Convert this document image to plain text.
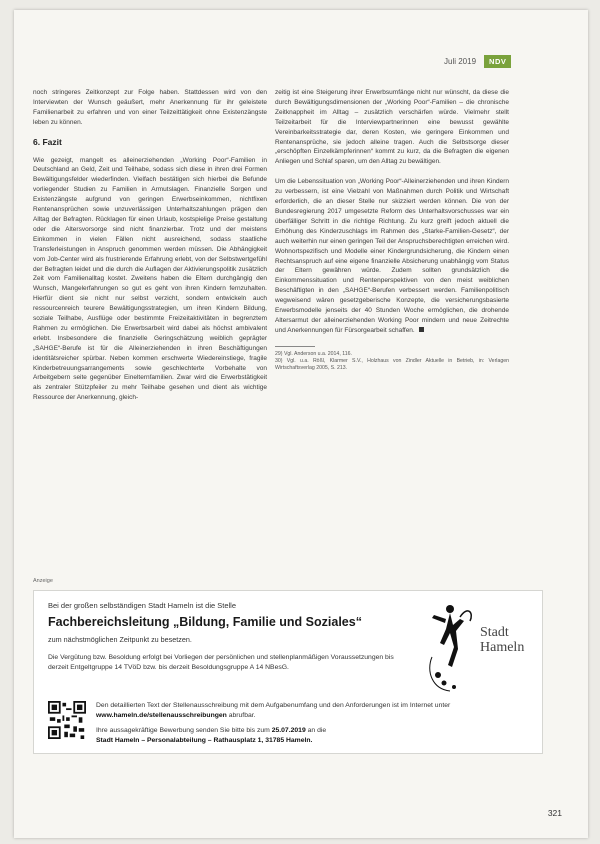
Juli 2019	NDV

noch stringeres Zeitkonzept zur Folge haben. Stattdessen wird von den Interviewten der Wunsch geäußert, mehr Anerkennung für ihr geleistete Familienarbeit zu erfahren und von einer Teilzeittätigkeit ohne Existenzängste leben zu können.

6. Fazit

Wie gezeigt, mangelt es alleinerziehenden „Working Poor“-Familien in Deutschland an Geld, Zeit und Teilhabe, sodass sich diese in ihren drei Formen Bewältigungsfelder wiederfinden. Vielfach bestätigen sich hierbei die Befunde vorliegender Studien zu Familien in Armutslagen. Finanzielle Sorgen und Existenzängste aufgrund von geringen Erwerbseinkommen, nichtfixen Rentenansprüchen sowie unzuverlässigen Unterhaltszahlungen prägen den Alltag der Befragten. Rücklagen für einen Urlaub, kostspielige Preise gestaltung oder die Altersvorsorge sind nicht finanzierbar. Trotz und der meistens Einkommen in vielen Fällen nicht ausreichend, sodass staatliche Transferleistungen in Anspruch genommen werden müssen. Die Abhängigkeit vom Job-Center wird als frustrierende Erfahrung erlebt, von der Selbstwertgefühl der Befragten leidet und die durch die Auflagen der Aktivierungspolitik zusätzlich Zeit vom Familienalltag kostet. Zweitens haben die Eltern durchgängig den Wunsch, Mangelerfahrungen so gut es geht von ihren Kindern fernzuhalten. Hierfür dient sie nicht nur selbst verzicht, sondern entwickeln auch ressourcenreich teurere Bewältigungsstrategien, um ihren Kindern Bildung, soziale Teilhabe, Ausflüge oder bestimmte Freizeitaktivitäten in begrenztem Rahmen zu ermöglichen. Die Erwerbsarbeit wird dabei als höchst ambivalent erlebt. Insbesondere die finanzielle Geringschätzung weiblich geprägter „SAHGE“-Berufe ist für die Alleinerziehenden in ihren Beschäftigungen identitätsreicher spürbar. Neben kommen erschwerte Wiedereinstiege, fragile Kinderbetreuungsarrangements sowie geschlechterte Vorbehalte von Arbeitgebern seite gegenüber Einelternfamilien. Zwar wird die Erwerbstätigkeit als zentraler Stützpfeiler zu mehr Teilhabe gesehen und dient als wichtige Ressource der Anerkennung, gleich-

zeitig ist eine Steigerung ihrer Erwerbsumfänge nicht nur wünscht, da diese die durch Bewältigungsdimensionen der „Working Poor“-Familien – die chronische Zeitknappheit im Alltag – zusätzlich verschärfen würde. Vielmehr stellt Teilzeitarbeit für die Interviewpartnerinnen eine bewusst gewählte Vereinbarkeitsstrategie dar, deren Kosten, wie geringere Einkommen und Rentenansprüche, sie jedoch alleine tragen. Auch die Selbstsorge dieser „erschöpften Einzelkämpferinnen“ kommt zu kurz, da die Befragten die eigenen Anliegen und Schlaf sparen, um den Alltag zu bewältigen.

Um die Lebenssituation von „Working Poor“-Alleinerziehenden und ihren Kindern zu verbessern, ist eine Vielzahl von Maßnahmen durch Politik und Wirtschaft erforderlich, die an dieser Stelle nur skizziert werden können. Die von der Bundesregierung 2017 umgesetzte Reform des Unterhaltsvorschusses war ein überfälliger Schritt in die richtige Richtung. Zu kurz greift jedoch aktuell die Erhöhung des Kinderzuschlags im Rahmen des „Starke-Familien-Gesetz“, der auch weiterhin nur einen geringen Teil der Anspruchsberechtigten erreichen wird. Wohnortspezifisch und Modelle einer Kindergrundsicherung, die Kindern einen Rechtsanspruch auf eine eigene finanzielle Absicherung unabhängig vom Status der Eltern gewähren würde. Zudem sollten grundsätzlich die Einkommenssituation und Rentenperspektiven von den meist weiblichen Beschäftigten in den „SAHGE“-Berufen verbessert werden. Familienpolitisch wegweisend wären gesetzgeberische Konzepte, die versicherungsbasierte Erwerbsmodelle jenseits der 40 Stunden Woche ermöglichen, die drohende Altersarmut der alleinerziehenden Working Poor mindern und neue Zeitrechte und Anerkennungen für Fürsorgearbeit schaffen.

29) Vgl. Anderson u.a. 2014, 116.
30) Vgl. u.a. Rößl, Klarmer S.V., Holzhaus von Zindler Aktuelle in Betrieb, in: Verlagen Wirtschaftsverlag 2005, S. 213.
Anzeige
Bei der großen selbständigen Stadt Hameln ist die Stelle
Fachbereichsleitung „Bildung, Familie und Soziales“
zum nächstmöglichen Zeitpunkt zu besetzen.
Die Vergütung bzw. Besoldung erfolgt bei Vorliegen der persönlichen und stellenplanmäßigen Voraussetzungen bis derzeit Entgeltgruppe 14 TVöD bzw. bis derzeit Besoldungsgruppe A 14 NBesG.
Stadt
Hameln

Den detaillierten Text der Stellenausschreibung mit dem Aufgabenumfang und den Anforderungen ist im Internet unter www.hameln.de/stellenausschreibungen abrufbar.

Ihre aussagekräftige Bewerbung senden Sie bitte bis zum 25.07.2019 an die
Stadt Hameln – Personalabteilung – Rathausplatz 1, 31785 Hameln.

321
